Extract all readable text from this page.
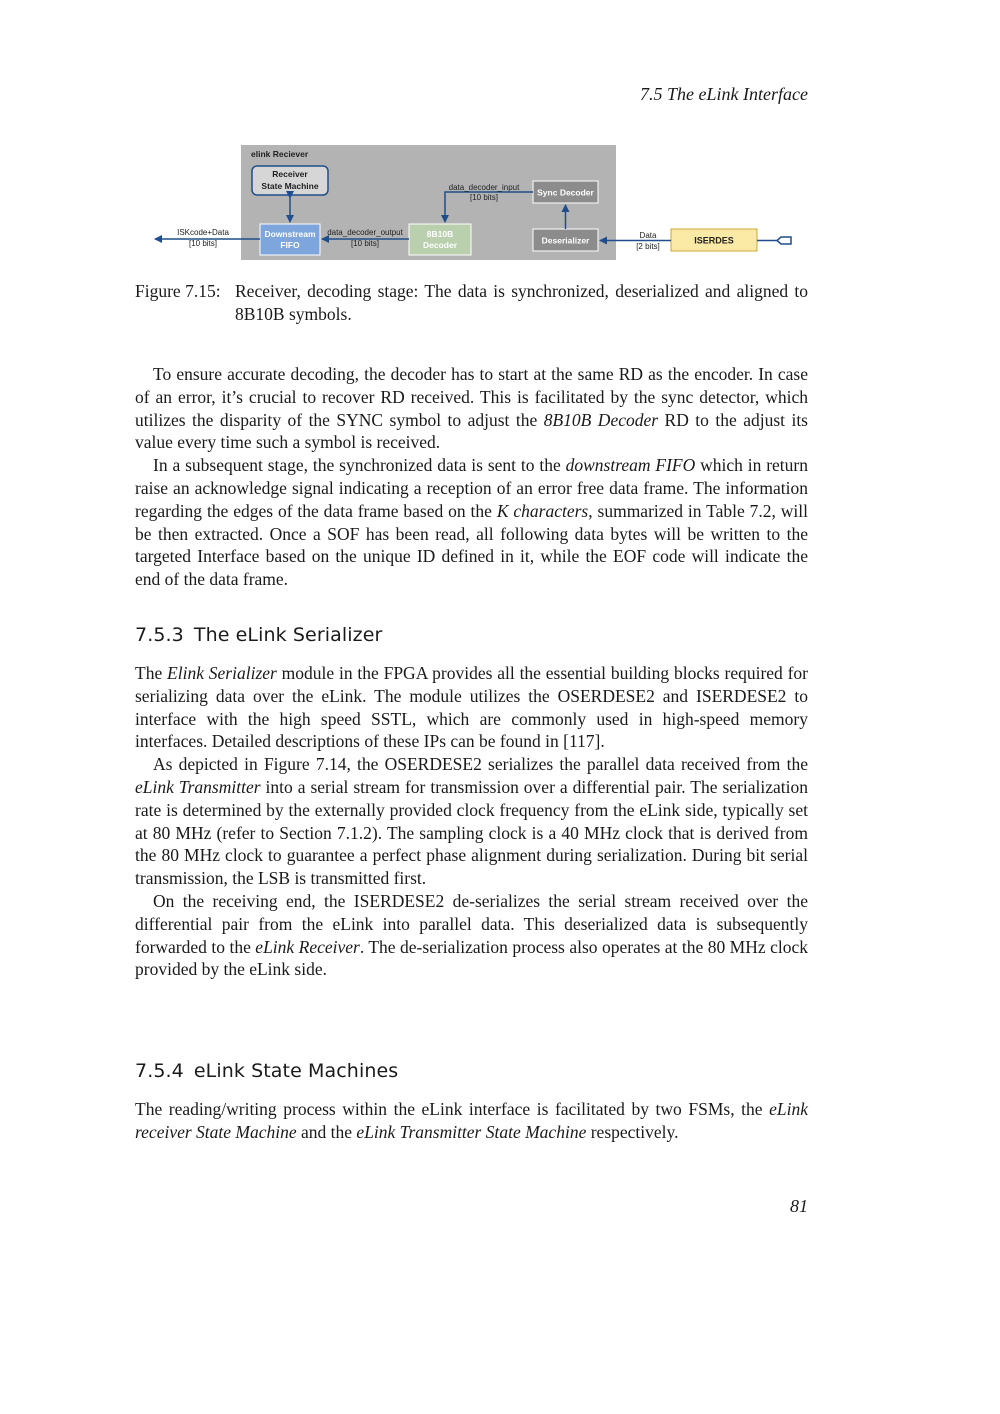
7.5 The eLink Interface
elink Reciever
Receiver
State Machine
Downstream
FIFO
8B10B
Decoder
Sync Decoder
Deserializer	ISERDES
ISKcode+Data
[10 bits]
data_decoder_output
[10 bits]
data_decoder_input
[10 bits]
Data
[2 bits]
Figure 7.15: Receiver, decoding stage: The data is synchronized, deserialized and aligned to 8B10B symbols.

To ensure accurate decoding, the decoder has to start at the same RD as the encoder. In case of an error, it’s crucial to recover RD received. This is facilitated by the sync detector, which utilizes the disparity of the SYNC symbol to adjust the 8B10B Decoder RD to the adjust its value every time such a symbol is received.

In a subsequent stage, the synchronized data is sent to the downstream FIFO which in return raise an acknowledge signal indicating a reception of an error free data frame. The information regarding the edges of the data frame based on the K characters, summarized in Table 7.2, will be then extracted. Once a SOF has been read, all following data bytes will be written to the targeted Interface based on the unique ID defined in it, while the EOF code will indicate the end of the data frame.

7.5.3 The eLink Serializer

The Elink Serializer module in the FPGA provides all the essential building blocks required for serializing data over the eLink. The module utilizes the OSERDESE2 and ISERDESE2 to interface with the high speed SSTL, which are commonly used in high-speed memory interfaces. Detailed descriptions of these IPs can be found in [117].

As depicted in Figure 7.14, the OSERDESE2 serializes the parallel data received from the eLink Transmitter into a serial stream for transmission over a differential pair. The serialization rate is determined by the externally provided clock frequency from the eLink side, typically set at 80 MHz (refer to Section 7.1.2). The sampling clock is a 40 MHz clock that is derived from the 80 MHz clock to guarantee a perfect phase alignment during serialization. During bit serial transmission, the LSB is transmitted first.

On the receiving end, the ISERDESE2 de-serializes the serial stream received over the differential pair from the eLink into parallel data. This deserialized data is subsequently forwarded to the eLink Receiver. The de-serialization process also operates at the 80 MHz clock provided by the eLink side.

7.5.4 eLink State Machines

The reading/writing process within the eLink interface is facilitated by two FSMs, the eLink receiver State Machine and the eLink Transmitter State Machine respectively.

81
